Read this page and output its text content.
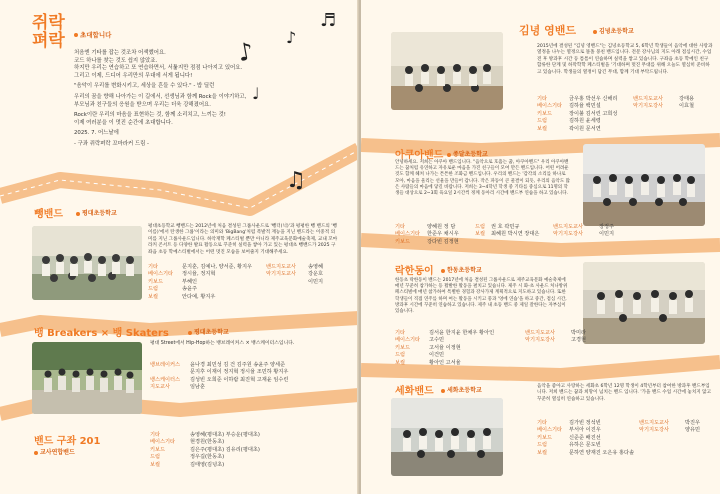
쥐락
펴락	초대합니다

처음엔 기타를 잡는 것조차 어색했어요.
코드 하나를 찾는 것도 쉽지 않았죠.
하지만 우리는 연습하고 또 연습하면서, 서툶지만 점점 나아지고 있어요.
그리고 이제, 드디어 우리만의 무대에 서게 됩니다!

"음악이 우리를 변화시키고, 세상을 흔들 수 있다." - 밥 딜런

우리의 꿈을 향해 나아가는 이 길에서, 선생님과 함께 Rock을 이야기하고,
부모님과 친구들의 응원을 받으며 우리는 더욱 강해졌어요.

Rock이란 우리의 마음을 표현하는 것, 함께 소리치고, 느끼는 것!
이제 여러분을 이 멋진 순간에 초대합니다.

2025. 7. 어느날에

- 구좌 쥐락펴락 꼬마라커 드림 -

♪ ♪
♬
♩
♫
뺑밴드	평대초등학교
평대초등학교 뺑밴드는 2012년에 처음 결성된 그룹사운드로 '뺑더(넉)'과 평평한 뺑 밴드의 '뺑 이름)'에서 탄생한 그룹'이라는 의미와 'BigBang'처럼 폭발적 재능을 지닌 밴드라는 이중적 의미를 지닌 그룹사운드입니다. 하악재학 페스티벌 뿐만 아니라 제주교육문화예술축제, 교내 꼬마라커 콘서트 등 다양한 발표 활동으로 꾸준히 실력을 쌓아 가고 있는 평대초 뺑밴드가 2025 구좌읍 초등 학예스티벌에서는 어떤 멋진 모습을 보여줄지 기대해주세요.
기타	문지훈, 김예나, 양서준, 황지우	밴드지도교사	송영혜
베이스기타	정시율, 정지혁	악기지도교사	강운호
키보드	부혜인	이민지
드럼	송윤주
보컬	안다예, 황지우
뱅 Breakers × 뱅 Skaters	평대초등학교
평대 Street에서 Hip-Hop하는 뱅브레이커스 × 뱅스케이터스입니다.
뱅브레이커스	윤나경 최민성 김 건 김주원 송윤주 양세준
문지후 이재이 정지혁 정시율 조민하 황지우
뱅스케이터스	김성빈 오희준 이하람 최진혁 고재윤 임수린
지도교사	임남훈
밴드 구좌 201
교사연합밴드
기타	송영혜(평대초) 부승운(평대초)
베이스기타	현경원(한동초)
키보드	김은주(평대초) 김유리(평대초)
드럼	정우길(한동초)
보컬	김태영(김녕초)
김녕 영밴드	김녕초등학교
2015년에 결성된 "김녕 영밴드"는 김녕초등학교 5, 6학년 학생들이 음악에 대한 사랑과 열정을 나누는 열정으로 똘똘 뭉친 밴드입니다. 전문 강사님의 지도 아래 점심시간, 수업 전 후 방과후 시간 등 틈틈이 연습하며 실력을 쌓고 있습니다. 구좌읍 초등 학예인 친구 합류한 단계 및 하막학학 페스티벌을 '기대하며 멋진 무대를 위해 오늘도 열심히 준비하고 있습니다. 학생들의 열정이 담긴 무대, 함께 기대 부탁드립니다.
기타	금우홍 박선우 신해리	밴드지도교사	강태용
베이스기타	김하율 백민설	악기지도강사	이효철
키보드	장이불 김서린 고희성
드럼	김하원 윤세령
보컬	곽이원 문서연
아쿠아밴드	종달초등학교
안녕하세요. 저희는 아쿠아 밴드입니다. "음악으로 호흡는 꿈, 아쿠아밴드" 우리 아쿠아밴드는 꿈처럼 유연하고 자유로운 마음을 가진 친구들이 모여 만든 밴드입니다. 어떤 어려운 것도 함께 헤쳐 나가는 튼튼한 조화금 밴드입니다. 우리의 밴드는 '감각의 소리를 하나로 모아, 마음을 울리는 선율을 만들어 갑니다. 작은 파동이 큰 물결이 되듯, 우리의 음악도 많은 사람들의 마음에 닿길 바랍니다. 저희는 3~4학년 학생 중 기타를 중심으로 11명의 학생들 대상으로 2~3회 육요일 2시간씩 정께 동아리 시간에 밴드부 연습을 하고 있습니다.
기타	양혜원 정 담	드럼	권 호 곽민규	밴드지도교사	장정주
베이스기타	한준우 채시우	보컬	최혜원 박시연 장대은	악기지도강사	이민지
키보드	강다빈 김정현
락한동이	한동초등학교
한동초 락한동이 밴드는 2017년에 처음 결성된 그룹사운드로 제주교육문화 예술축제에 매년 꾸준히 참가하는 등 활발한 활동을 펼치고 있습니다. 제주 시 화-초 사운드 처나방위 페스티벌에 매년 참가하여 특별한 경험과 강사가제 계획적으로 지도하고 있습니다. 또한 학생들이 직접 연주를 하며 여는 활동을 시키고 풍과 '엉에 연습'을 하고 중간, 점심 시간, 방과후 시간에 꾸준히 연습하고 있습니다. 제주 내 초등 밴드 중 제일 잘한다는 자부심이 있습니다.
기타	김서윤 한지윤 한채우 황아인	밴드지도교사	박미라
베이스기타	고수민	악기지도강사	고경현
키보드	고서율 이정현
드럼	이건민
보컬	황아인 고서율
세화밴드	세화초등학교
음악을 좋아고 사랑하는 세화초 6학년 12명 학생이 4학년부터 참여한 방과후 밴드부입니다. 저희 밴드는 꿈과 희망이 넘치는 밴드 입니다. '가을 밴드 수업 시간에 놓치지 않고 꾸준히 열심히 연습하고 있습니다.
기타	김가빈 정석빈	밴드지도교사	박진우
베이스기타	부서아 이진우	악기지도강사	양유민
키보드	신준준 배진선
드럼	유하은 문도빈
보컬	문하연 양재진 오은유 홍다솔
